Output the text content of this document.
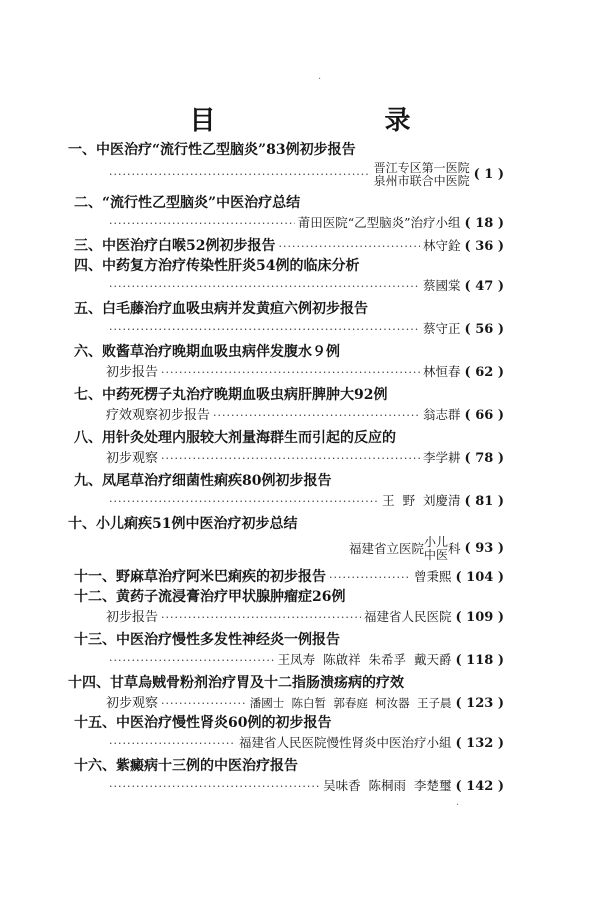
目 录
一、 中医治疗“流行性乙型脑炎”83例初步报告
·····
晋江专区第一医院
泉州市联合中医院 ( 1 )
二、 “流行性乙型脑炎”中医治疗总结
·····
莆田医院“乙型脑炎”治疗小组 ( 18 )
三、 中医治疗白喉52例初步报告 ·····	林守銓 ( 36 )
四、 中药复方治疗传染性肝炎54例的临床分析
·····
蔡國棠 ( 47 )
五、 白毛藤治疗血吸虫病并发黄疸六例初步报告
·····
蔡守正 ( 56 )
六、 败酱草治疗晚期血吸虫病伴发腹水９例
初步报告 ·····	林恒春 ( 62 )
七、 中药死楞子丸治疗晚期血吸虫病肝脾肿大92例
疗效观察初步报告 ·····	翁志群 ( 66 )
八、 用针灸处理内服较大剂量海群生而引起的反应的
初步观察 ·····	李学耕 ( 78 )
九、 凤尾草治疗细菌性痢疾80例初步报告
·····
王  野  刘慶清 ( 81 )
十、 小儿痢疾51例中医治疗初步总结
福建省立医院 小儿
中医 科 ( 93 )
十一、 野麻草治疗阿米巴痢疾的初步报告 ·····	曾秉熙 ( 104 )
十二、 黄药子流浸膏治疗甲状腺肿瘤症26例
初步报告 ·····	福建省人民医院 ( 109 )
十三、 中医治疗慢性多发性神经炎一例报告
·····
王凤寿  陈啟祥  朱希孚  戴天爵 ( 118 )
十四、 甘草烏贼骨粉剂治疗胃及十二指肠溃疡病的疗效
初步观察 ·····	潘國士  陈白暂  郭春庭  柯汝器  王子晨 ( 123 )
十五、 中医治疗慢性肾炎60例的初步报告
·····
福建省人民医院慢性肾炎中医治疗小組 ( 132 )
十六、 紫癜病十三例的中医治疗报告
·····
吴味香  陈桐雨  李楚璽 ( 142 )
·
·
